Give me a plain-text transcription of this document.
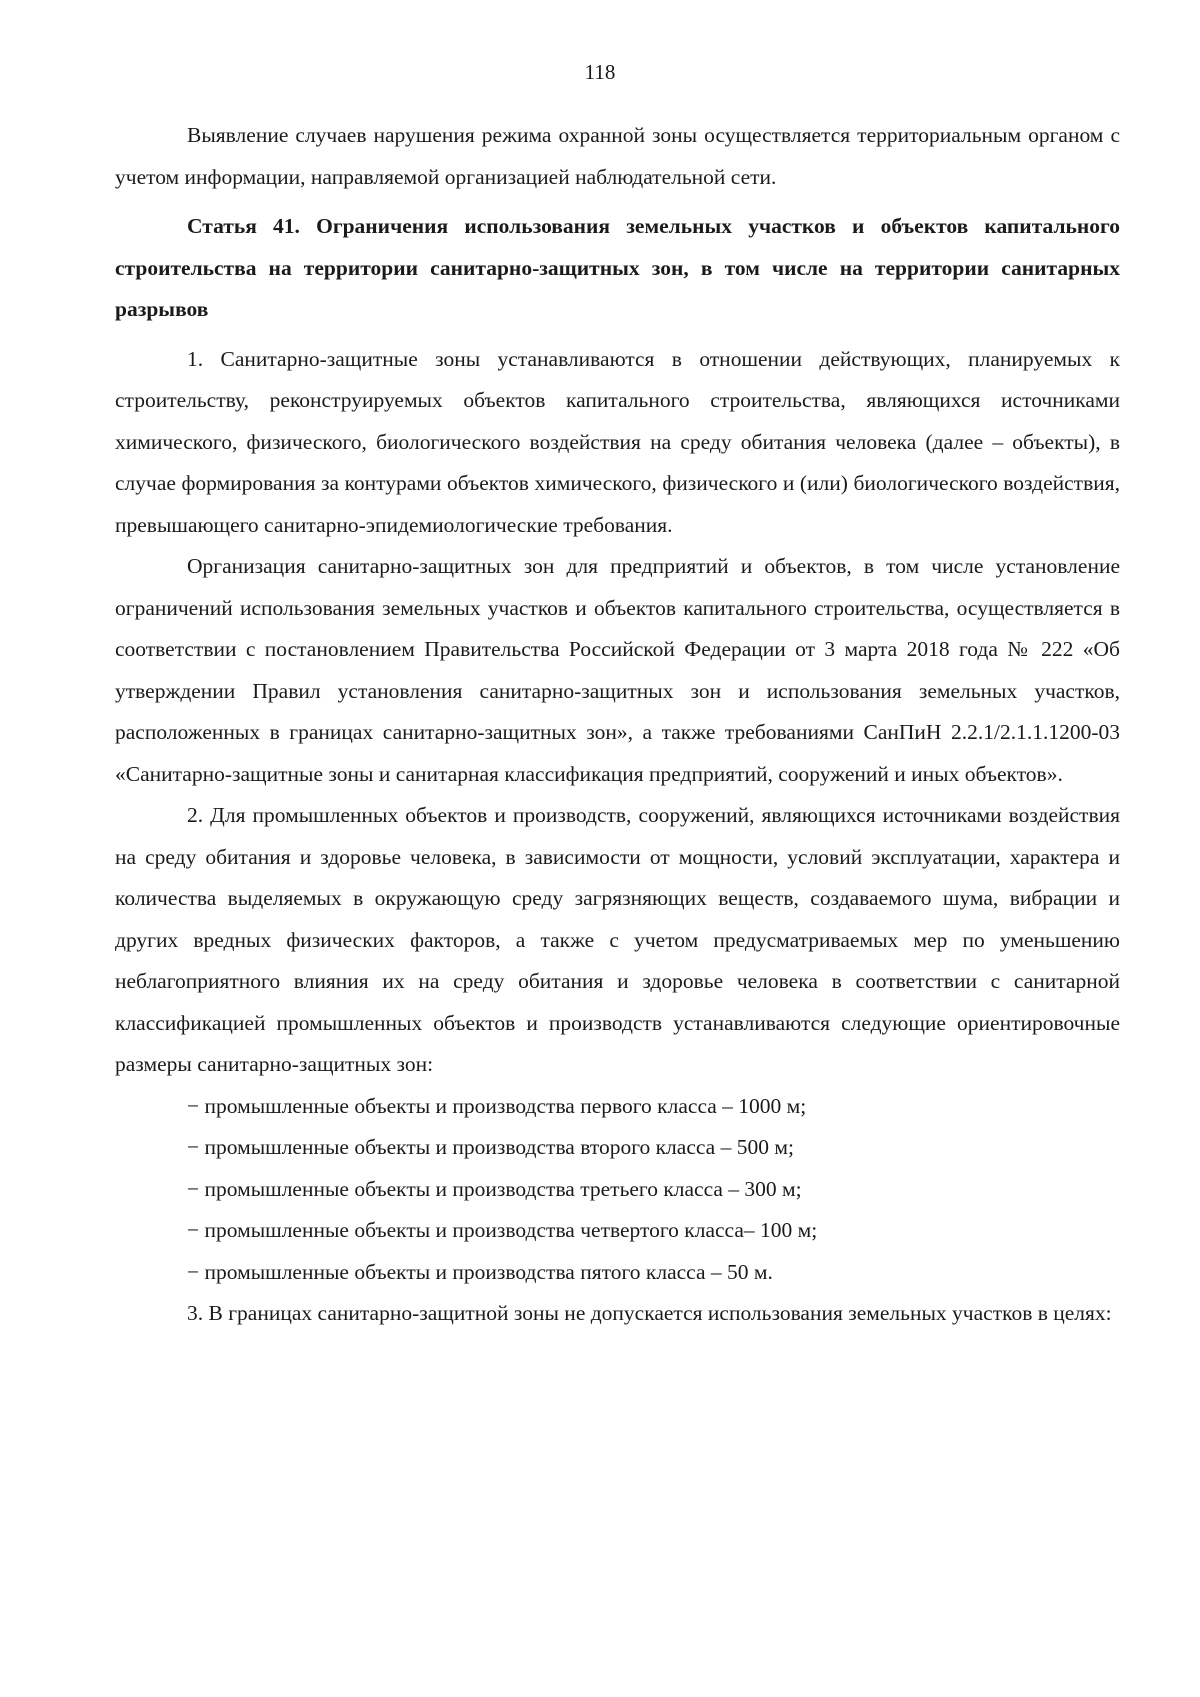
118

Выявление случаев нарушения режима охранной зоны осуществляется территориальным органом с учетом информации, направляемой организацией наблюдательной сети.

Статья 41. Ограничения использования земельных участков и объектов капитального строительства на территории санитарно-защитных зон, в том числе на территории санитарных разрывов

1. Санитарно-защитные зоны устанавливаются в отношении действующих, планируемых к строительству, реконструируемых объектов капитального строительства, являющихся источниками химического, физического, биологического воздействия на среду обитания человека (далее – объекты), в случае формирования за контурами объектов химического, физического и (или) биологического воздействия, превышающего санитарно-эпидемиологические требования.

Организация санитарно-защитных зон для предприятий и объектов, в том числе установление ограничений использования земельных участков и объектов капитального строительства, осуществляется в соответствии с постановлением Правительства Российской Федерации от 3 марта 2018 года № 222 «Об утверждении Правил установления санитарно-защитных зон и использования земельных участков, расположенных в границах санитарно-защитных зон», а также требованиями СанПиН 2.2.1/2.1.1.1200-03 «Санитарно-защитные зоны и санитарная классификация предприятий, сооружений и иных объектов».

2. Для промышленных объектов и производств, сооружений, являющихся источниками воздействия на среду обитания и здоровье человека, в зависимости от мощности, условий эксплуатации, характера и количества выделяемых в окружающую среду загрязняющих веществ, создаваемого шума, вибрации и других вредных физических факторов, а также с учетом предусматриваемых мер по уменьшению неблагоприятного влияния их на среду обитания и здоровье человека в соответствии с санитарной классификацией промышленных объектов и производств устанавливаются следующие ориентировочные размеры санитарно-защитных зон:

− промышленные объекты и производства первого класса – 1000 м;

− промышленные объекты и производства второго класса – 500 м;

− промышленные объекты и производства третьего класса – 300 м;

− промышленные объекты и производства четвертого класса– 100 м;

− промышленные объекты и производства пятого класса – 50 м.

3. В границах санитарно-защитной зоны не допускается использования земельных участков в целях:
